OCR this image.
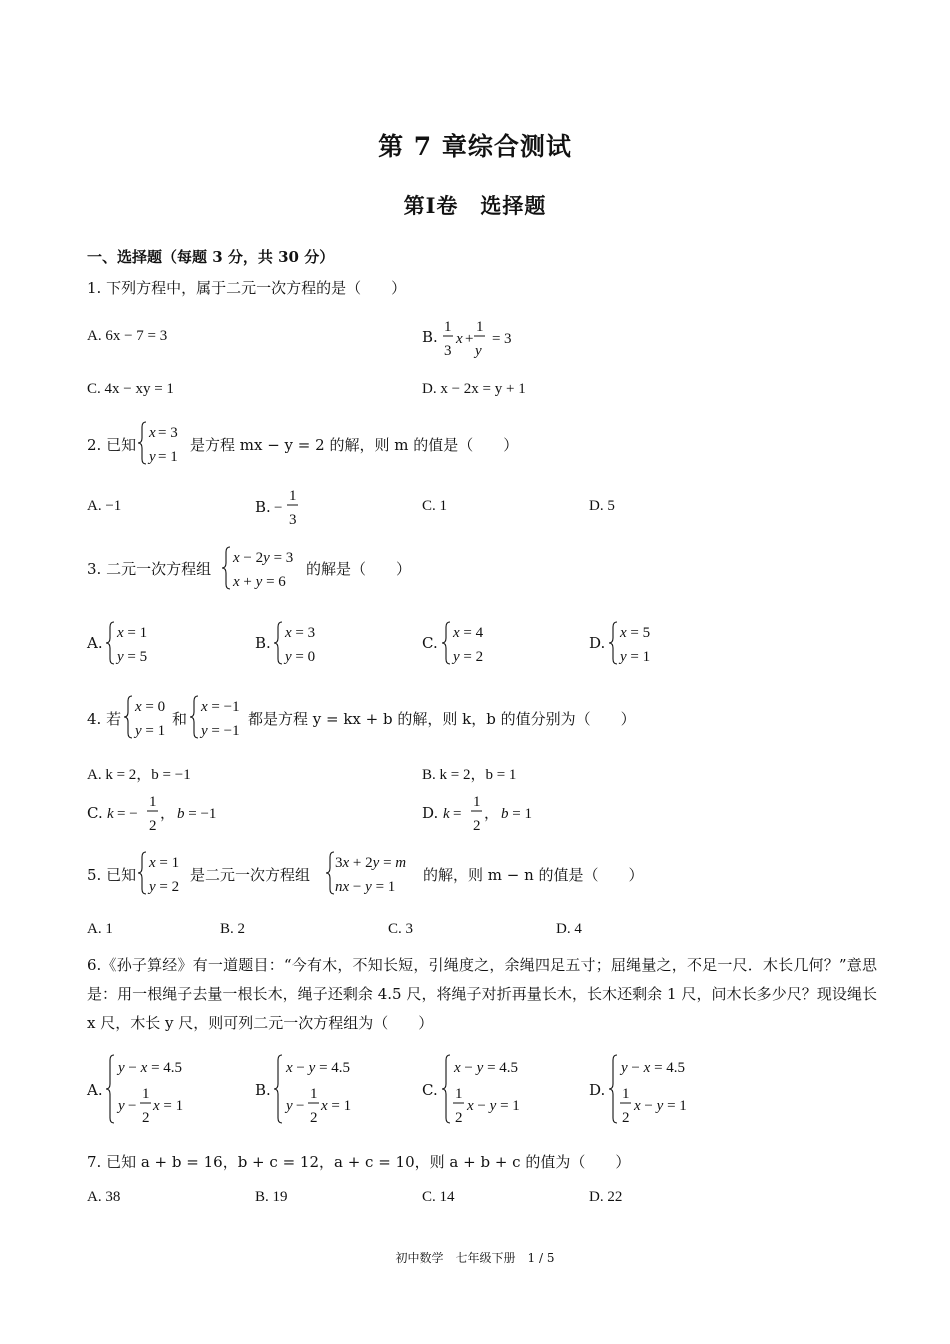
第 7 章综合测试
第Ⅰ卷　选择题
一、选择题（每题 3 分，共 30 分）
1. 下列方程中，属于二元一次方程的是（　　）
A. 6x − 7 = 3	B.
1
3
x +
1
y
= 3
C. 4x − xy = 1	D. x − 2x = y + 1
2. 已知
x = 3
y = 1
是方程 mx − y = 2 的解，则 m 的值是（　　）
A. −1	B. −
1
3
C. 1	D. 5
3. 二元一次方程组
x − 2y = 3
x + y = 6
的解是（　　）
A.
x = 1
y = 5
B.
x = 3
y = 0
C.
x = 4
y = 2
D.
x = 5
y = 1
4. 若
x = 0
y = 1
和
x = −1
y = −1
都是方程 y = kx + b 的解，则 k，b 的值分别为（　　）
A. k = 2，b = −1	B. k = 2，b = 1
C. k = −
1
2
， b = −1	D. k =
1
2
， b = 1
5. 已知
x = 1
y = 2
是二元一次方程组
3x + 2y = m
nx − y = 1
的解，则 m − n 的值是（　　）
A. 1	B. 2	C. 3	D. 4
6.《孙子算经》有一道题目：“今有木，不知长短，引绳度之，余绳四足五寸；屈绳量之，不足一尺．木长几何？”意思是：用一根绳子去量一根长木，绳子还剩余 4.5 尺，将绳子对折再量长木，长木还剩余 1 尺，问木长多少尺？现设绳长 x 尺，木长 y 尺，则可列二元一次方程组为（　　）
A.
y − x = 4.5
y −
1
2
x = 1
B.
x − y = 4.5
y −
1
2
x = 1
C.
x − y = 4.5
1
2
x − y = 1
D.
y − x = 4.5
1
2
x − y = 1
7. 已知 a + b = 16，b + c = 12，a + c = 10，则 a + b + c 的值为（　　）
A. 38	B. 19	C. 14	D. 22
初中数学　七年级下册　1 / 5
